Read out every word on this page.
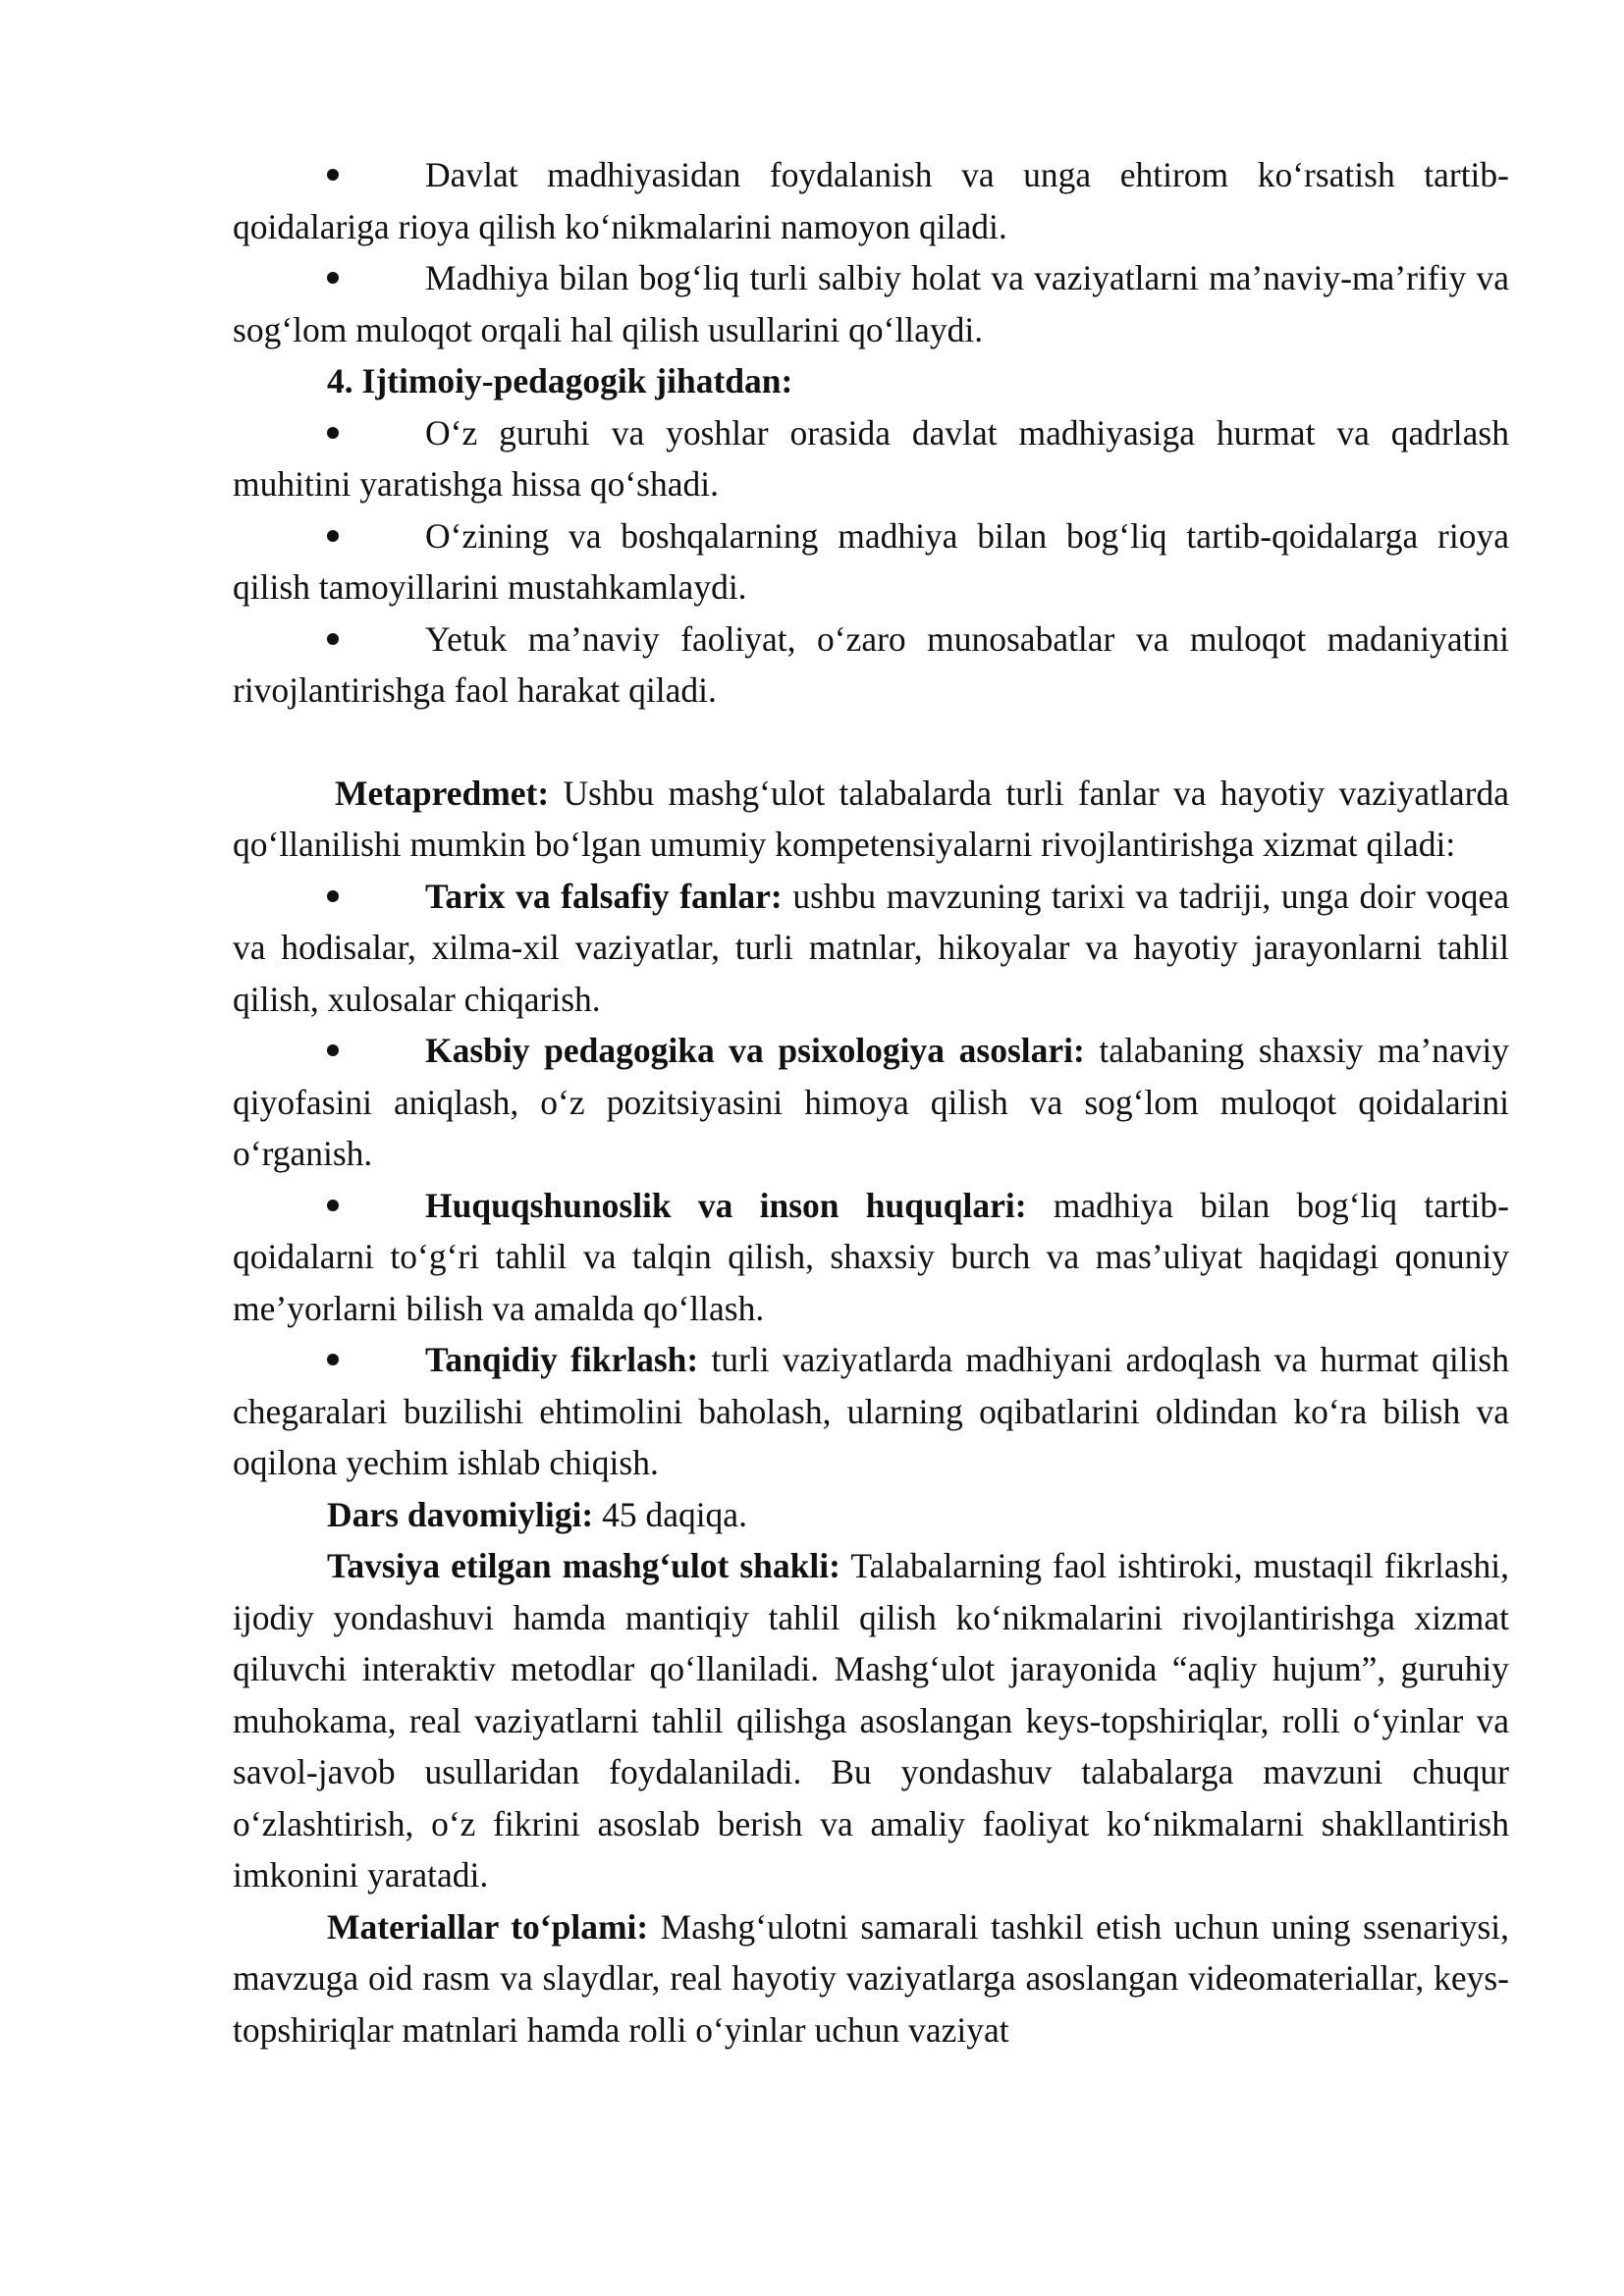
Davlat madhiyasidan foydalanish va unga ehtirom ko‘rsatish tartib-qoidalariga rioya qilish ko‘nikmalarini namoyon qiladi.

Madhiya bilan bog‘liq turli salbiy holat va vaziyatlarni ma’naviy-ma’rifiy va sog‘lom muloqot orqali hal qilish usullarini qo‘llaydi.

4. Ijtimoiy-pedagogik jihatdan:

O‘z guruhi va yoshlar orasida davlat madhiyasiga hurmat va qadrlash muhitini yaratishga hissa qo‘shadi.

O‘zining va boshqalarning madhiya bilan bog‘liq tartib-qoidalarga rioya qilish tamoyillarini mustahkamlaydi.

Yetuk ma’naviy faoliyat, o‘zaro munosabatlar va muloqot madaniyatini rivojlantirishga faol harakat qiladi.

Metapredmet: Ushbu mashg‘ulot talabalarda turli fanlar va hayotiy vaziyatlarda qo‘llanilishi mumkin bo‘lgan umumiy kompetensiyalarni rivojlantirishga xizmat qiladi:

Tarix va falsafiy fanlar: ushbu mavzuning tarixi va tadriji, unga doir voqea va hodisalar, xilma-xil vaziyatlar, turli matnlar, hikoyalar va hayotiy jarayonlarni tahlil qilish, xulosalar chiqarish.

Kasbiy pedagogika va psixologiya asoslari: talabaning shaxsiy ma’naviy qiyofasini aniqlash, o‘z pozitsiyasini himoya qilish va sog‘lom muloqot qoidalarini o‘rganish.

Huquqshunoslik va inson huquqlari: madhiya bilan bog‘liq tartib-qoidalarni to‘g‘ri tahlil va talqin qilish, shaxsiy burch va mas’uliyat haqidagi qonuniy me’yorlarni bilish va amalda qo‘llash.

Tanqidiy fikrlash: turli vaziyatlarda madhiyani ardoqlash va hurmat qilish chegaralari buzilishi ehtimolini baholash, ularning oqibatlarini oldindan ko‘ra bilish va oqilona yechim ishlab chiqish.

Dars davomiyligi: 45 daqiqa.

Tavsiya etilgan mashg‘ulot shakli: Talabalarning faol ishtiroki, mustaqil fikrlashi, ijodiy yondashuvi hamda mantiqiy tahlil qilish ko‘nikmalarini rivojlantirishga xizmat qiluvchi interaktiv metodlar qo‘llaniladi. Mashg‘ulot jarayonida “aqliy hujum”, guruhiy muhokama, real vaziyatlarni tahlil qilishga asoslangan keys-topshiriqlar, rolli o‘yinlar va savol-javob usullaridan foydalaniladi. Bu yondashuv talabalarga mavzuni chuqur o‘zlashtirish, o‘z fikrini asoslab berish va amaliy faoliyat ko‘nikmalarni shakllantirish imkonini yaratadi.

Materiallar to‘plami: Mashg‘ulotni samarali tashkil etish uchun uning ssenariysi, mavzuga oid rasm va slaydlar, real hayotiy vaziyatlarga asoslangan videomateriallar, keys-topshiriqlar matnlari hamda rolli o‘yinlar uchun vaziyat
